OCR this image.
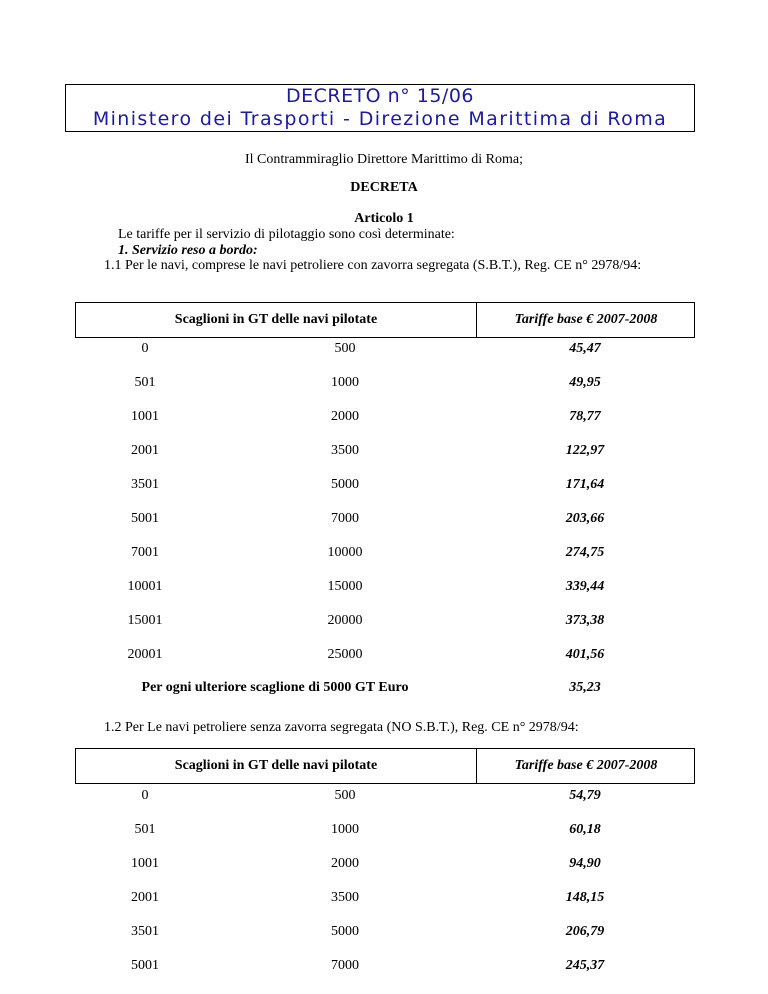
DECRETO n° 15/06
Ministero dei Trasporti - Direzione Marittima di Roma
Il Contrammiraglio Direttore Marittimo di Roma;
DECRETA
Articolo 1
Le tariffe per il servizio di pilotaggio sono così determinate:
1. Servizio reso a bordo:
1.1 Per le navi, comprese le navi petroliere con zavorra segregata (S.B.T.), Reg. CE n° 2978/94:
Scaglioni in GT delle navi pilotate	Tariffe base € 2007-2008
0	500	45,47
501	1000	49,95
1001	2000	78,77
2001	3500	122,97
3501	5000	171,64
5001	7000	203,66
7001	10000	274,75
10001	15000	339,44
15001	20000	373,38
20001	25000	401,56
Per ogni ulteriore scaglione di 5000 GT Euro	35,23
1.2 Per Le navi petroliere senza zavorra segregata (NO S.B.T.), Reg. CE n° 2978/94:
Scaglioni in GT delle navi pilotate	Tariffe base € 2007-2008
0	500	54,79
501	1000	60,18
1001	2000	94,90
2001	3500	148,15
3501	5000	206,79
5001	7000	245,37
